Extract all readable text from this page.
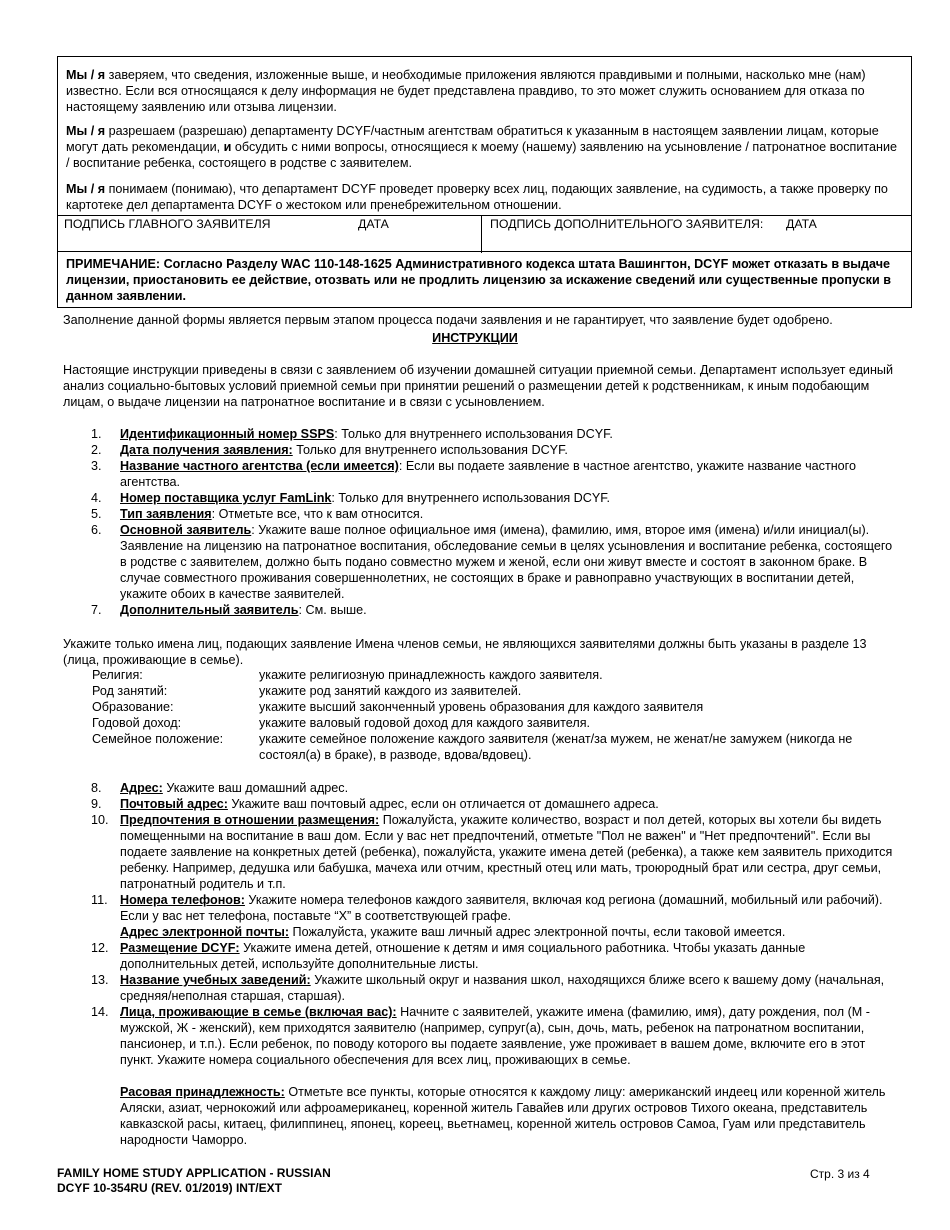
Мы / я заверяем, что сведения, изложенные выше, и необходимые приложения являются правдивыми и полными, насколько мне (нам) известно. Если вся относящаяся к делу информация не будет представлена правдиво, то это может служить основанием для отказа по настоящему заявлению или отзыва лицензии.

Мы / я разрешаем (разрешаю) департаменту DCYF/частным агентствам обратиться к указанным в настоящем заявлении лицам, которые могут дать рекомендации, и обсудить с ними вопросы, относящиеся к моему (нашему) заявлению на усыновление / патронатное воспитание / воспитание ребенка, состоящего в родстве с заявителем.

Мы / я понимаем (понимаю), что департамент DCYF проведет проверку всех лиц, подающих заявление, на судимость, а также проверку по картотеке дел департамента DCYF о жестоком или пренебрежительном отношении.

ПОДПИСЬ ГЛАВНОГО ЗАЯВИТЕЛЯ	ДАТА	ПОДПИСЬ ДОПОЛНИТЕЛЬНОГО ЗАЯВИТЕЛЯ: ДАТА
ПРИМЕЧАНИЕ: Согласно Разделу WAC 110-148-1625 Административного кодекса штата Вашингтон, DCYF может отказать в выдаче лицензии, приостановить ее действие, отозвать или не продлить лицензию за искажение сведений или существенные пропуски в данном заявлении.
Заполнение данной формы является первым этапом процесса подачи заявления и не гарантирует, что заявление будет одобрено.
ИНСТРУКЦИИ
Настоящие инструкции приведены в связи с заявлением об изучении домашней ситуации приемной семьи. Департамент использует единый анализ социально-бытовых условий приемной семьи при принятии решений о размещении детей к родственникам, к иным подобающим лицам, о выдаче лицензии на патронатное воспитание и в связи с усыновлением.
1. Идентификационный номер SSPS: Только для внутреннего использования DCYF.
2. Дата получения заявления: Только для внутреннего использования DCYF.
3. Название частного агентства (если имеется): Если вы подаете заявление в частное агентство, укажите название частного агентства.
4. Номер поставщика услуг FamLink: Только для внутреннего использования DCYF.
5. Тип заявления: Отметьте все, что к вам относится.
6. Основной заявитель: Укажите ваше полное официальное имя (имена), фамилию, имя, второе имя (имена) и/или инициал(ы). Заявление на лицензию на патронатное воспитания, обследование семьи в целях усыновления и воспитание ребенка, состоящего в родстве с заявителем, должно быть подано совместно мужем и женой, если они живут вместе и состоят в законном браке. В случае совместного проживания совершеннолетних, не состоящих в браке и равноправно участвующих в воспитании детей, укажите обоих в качестве заявителей.
7. Дополнительный заявитель: См. выше.
Укажите только имена лиц, подающих заявление Имена членов семьи, не являющихся заявителями должны быть указаны в разделе 13 (лица, проживающие в семье).
Религия:	укажите религиозную принадлежность каждого заявителя.
Род занятий:	укажите род занятий каждого из заявителей.
Образование:	укажите высший законченный уровень образования для каждого заявителя
Годовой доход:	укажите валовый годовой доход для каждого заявителя.
Семейное положение:	укажите семейное положение каждого заявителя (женат/за мужем, не женат/не замужем (никогда не состоял(а) в браке), в разводе, вдова/вдовец).
8. Адрес: Укажите ваш домашний адрес.
9. Почтовый адрес: Укажите ваш почтовый адрес, если он отличается от домашнего адреса.
10. Предпочтения в отношении размещения: Пожалуйста, укажите количество, возраст и пол детей, которых вы хотели бы видеть помещенными на воспитание в ваш дом. Если у вас нет предпочтений, отметьте "Пол не важен" и "Нет предпочтений". Если вы подаете заявление на конкретных детей (ребенка), пожалуйста, укажите имена детей (ребенка), а также кем заявитель приходится ребенку. Например, дедушка или бабушка, мачеха или отчим, крестный отец или мать, троюродный брат или сестра, друг семьи, патронатный родитель и т.п.
11. Номера телефонов: Укажите номера телефонов каждого заявителя, включая код региона (домашний, мобильный или рабочий). Если у вас нет телефона, поставьте “X” в соответствующей графе.
Адрес электронной почты: Пожалуйста, укажите ваш личный адрес электронной почты, если таковой имеется.
12. Размещение DCYF: Укажите имена детей, отношение к детям и имя социального работника. Чтобы указать данные дополнительных детей, используйте дополнительные листы.
13. Название учебных заведений: Укажите школьный округ и названия школ, находящихся ближе всего к вашему дому (начальная, средняя/неполная старшая, старшая).
14. Лица, проживающие в семье (включая вас): Начните с заявителей, укажите имена (фамилию, имя), дату рождения, пол (М - мужской, Ж - женский), кем приходятся заявителю (например, супруг(а), сын, дочь, мать, ребенок на патронатном воспитании, пансионер, и т.п.). Если ребенок, по поводу которого вы подаете заявление, уже проживает в вашем доме, включите его в этот пункт. Укажите номера социального обеспечения для всех лиц, проживающих в семье.
Расовая принадлежность: Отметьте все пункты, которые относятся к каждому лицу: американский индеец или коренной житель Аляски, азиат, чернокожий или афроамериканец, коренной житель Гавайев или других островов Тихого океана, представитель кавказской расы, китаец, филиппинец, японец, кореец, вьетнамец, коренной житель островов Самоа, Гуам или представитель народности Чаморро.
FAMILY HOME STUDY APPLICATION - RUSSIAN
DCYF 10-354RU (REV. 01/2019) INT/EXT
Стр. 3 из 4
